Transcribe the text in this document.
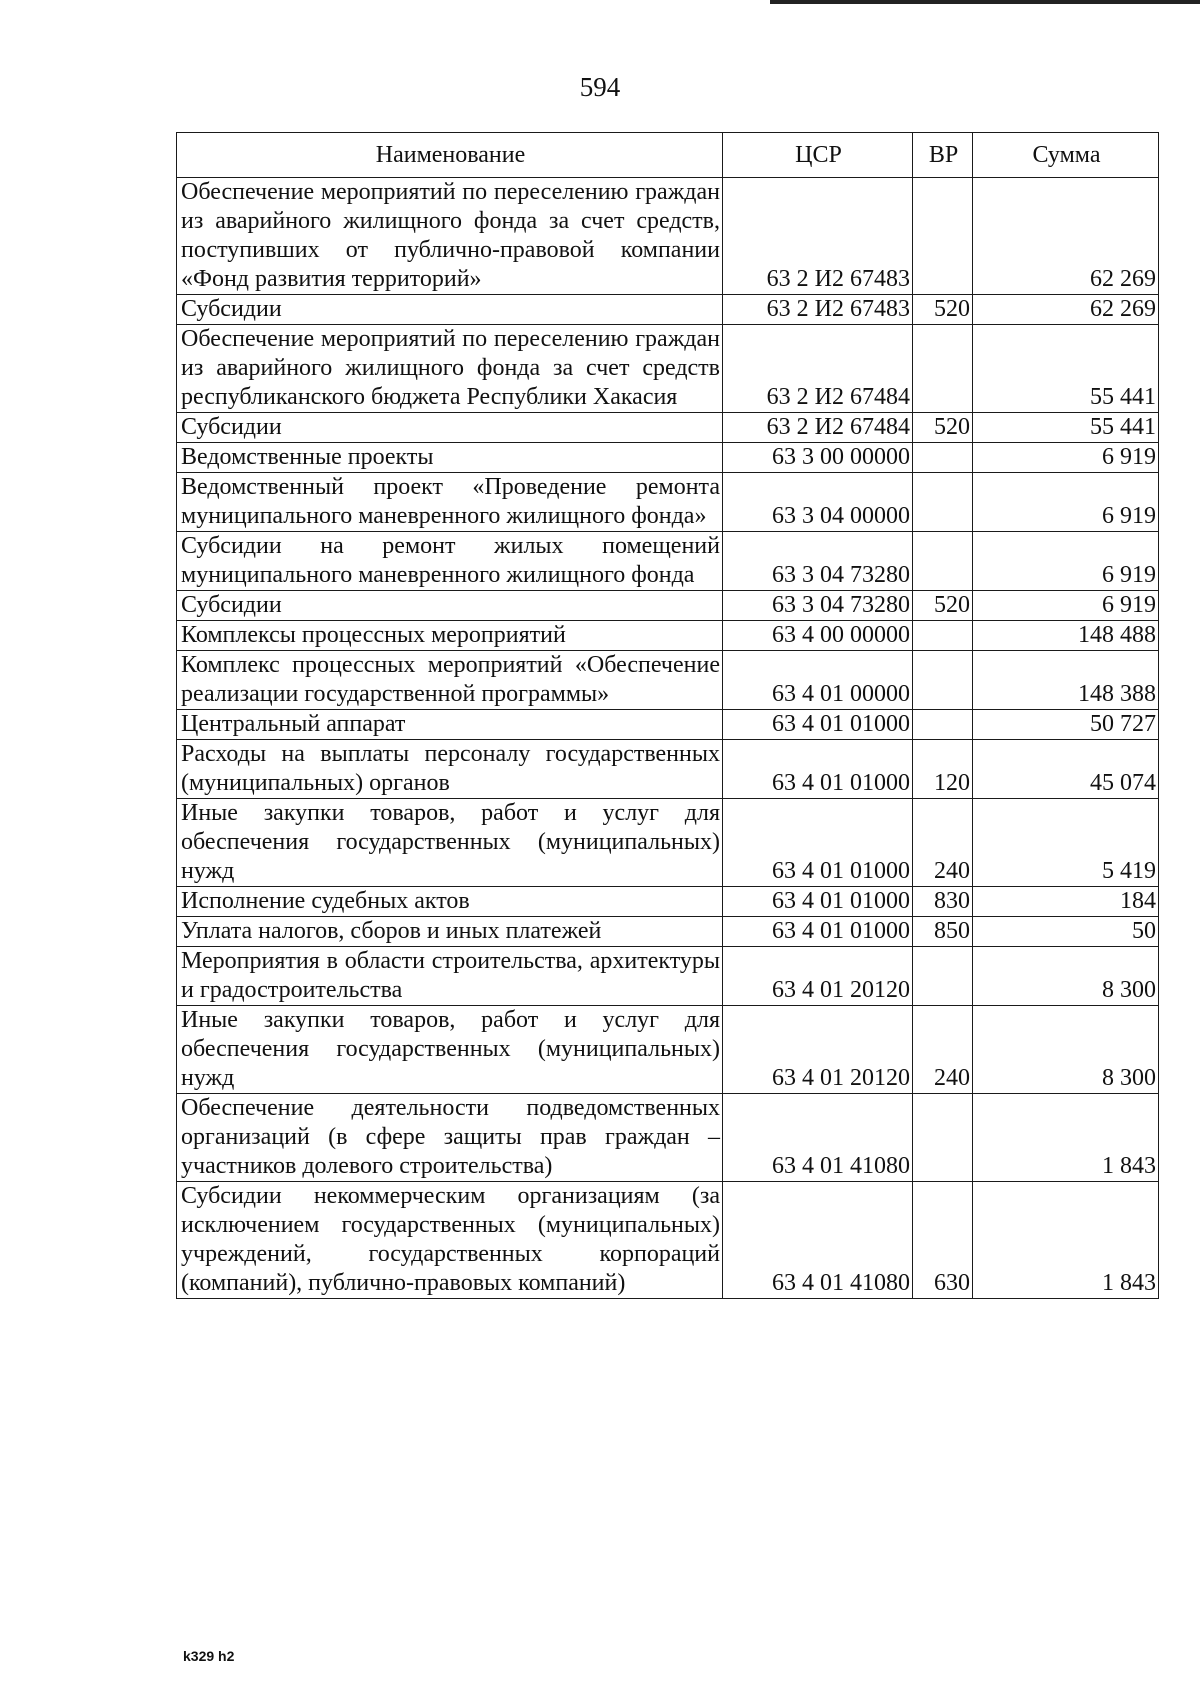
594
Наименование	ЦСР	ВР	Сумма
Обеспечение мероприятий по переселению граждан из аварийного жилищного фонда за счет средств, поступивших от публично-правовой компании «Фонд развития территорий»	63 2 И2 67483		62 269
Субсидии	63 2 И2 67483	520	62 269
Обеспечение мероприятий по переселению граждан из аварийного жилищного фонда за счет средств республиканского бюджета Республики Хакасия	63 2 И2 67484		55 441
Субсидии	63 2 И2 67484	520	55 441
Ведомственные проекты	63 3 00 00000		6 919
Ведомственный проект «Проведение ремонта муниципального маневренного жилищного фонда»	63 3 04 00000		6 919
Субсидии на ремонт жилых помещений муниципального маневренного жилищного фонда	63 3 04 73280		6 919
Субсидии	63 3 04 73280	520	6 919
Комплексы процессных мероприятий	63 4 00 00000		148 488
Комплекс процессных мероприятий «Обеспечение реализации государственной программы»	63 4 01 00000		148 388
Центральный аппарат	63 4 01 01000		50 727
Расходы на выплаты персоналу государственных (муниципальных) органов	63 4 01 01000	120	45 074
Иные закупки товаров, работ и услуг для обеспечения государственных (муниципальных) нужд	63 4 01 01000	240	5 419
Исполнение судебных актов	63 4 01 01000	830	184
Уплата налогов, сборов и иных платежей	63 4 01 01000	850	50
Мероприятия в области строительства, архитектуры и градостроительства	63 4 01 20120		8 300
Иные закупки товаров, работ и услуг для обеспечения государственных (муниципальных) нужд	63 4 01 20120	240	8 300
Обеспечение деятельности подведомственных организаций (в сфере защиты прав граждан – участников долевого строительства)	63 4 01 41080		1 843
Субсидии некоммерческим организациям (за исключением государственных (муниципальных) учреждений, государственных корпораций (компаний), публично-правовых компаний)	63 4 01 41080	630	1 843
k329 h2
